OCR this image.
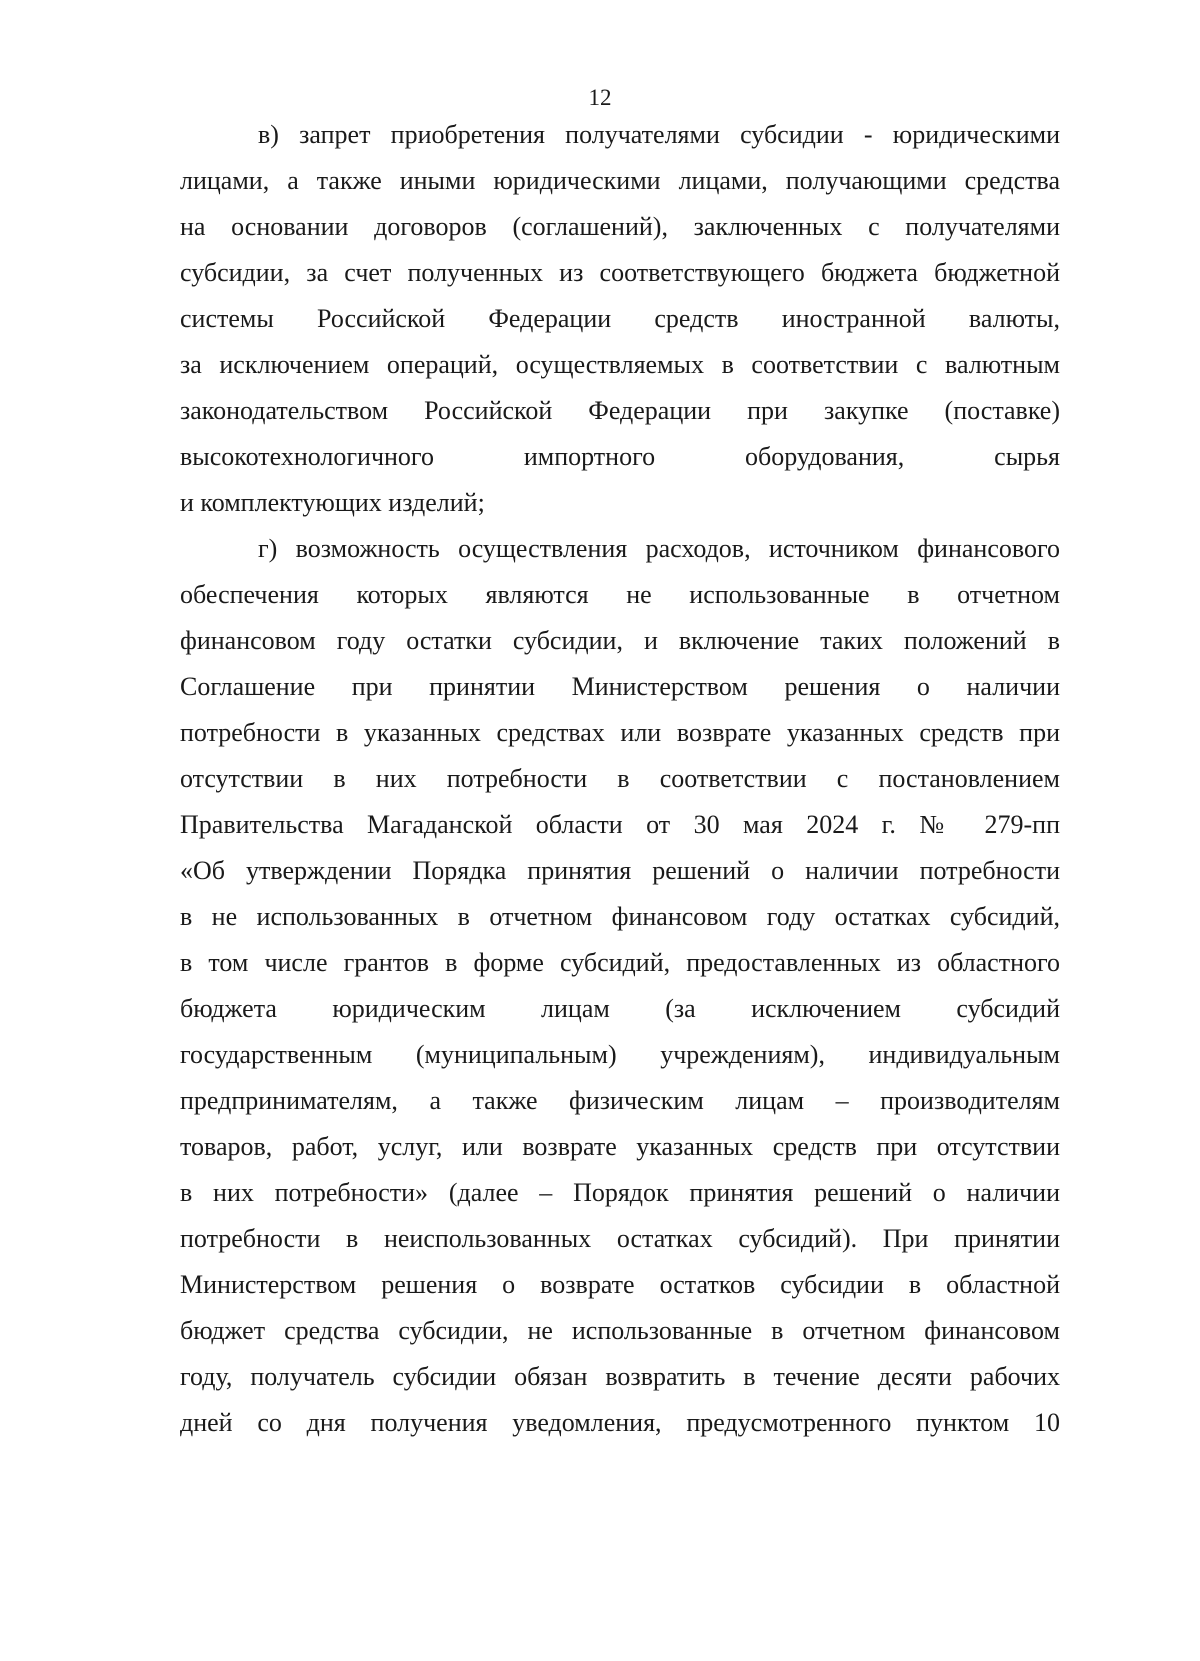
12
в) запрет приобретения получателями субсидии - юридическими
лицами, а также иными юридическими лицами, получающими средства
на основании договоров (соглашений), заключенных с получателями
субсидии, за счет полученных из соответствующего бюджета бюджетной
системы Российской Федерации средств иностранной валюты,
за исключением операций, осуществляемых в соответствии с валютным
законодательством Российской Федерации при закупке (поставке)
высокотехнологичного импортного оборудования, сырья
и комплектующих изделий;
г) возможность осуществления расходов, источником финансового
обеспечения которых являются не использованные в отчетном
финансовом году остатки субсидии, и включение таких положений в
Соглашение при принятии Министерством решения о наличии
потребности в указанных средствах или возврате указанных средств при
отсутствии в них потребности в соответствии с постановлением
Правительства Магаданской области от 30 мая 2024 г. № 279-пп
«Об утверждении Порядка принятия решений о наличии потребности
в не использованных в отчетном финансовом году остатках субсидий,
в том числе грантов в форме субсидий, предоставленных из областного
бюджета юридическим лицам (за исключением субсидий
государственным (муниципальным) учреждениям), индивидуальным
предпринимателям, а также физическим лицам – производителям
товаров, работ, услуг, или возврате указанных средств при отсутствии
в них потребности» (далее – Порядок принятия решений о наличии
потребности в неиспользованных остатках субсидий). При принятии
Министерством решения о возврате остатков субсидии в областной
бюджет средства субсидии, не использованные в отчетном финансовом
году, получатель субсидии обязан возвратить в течение десяти рабочих
дней со дня получения уведомления, предусмотренного пунктом 10
